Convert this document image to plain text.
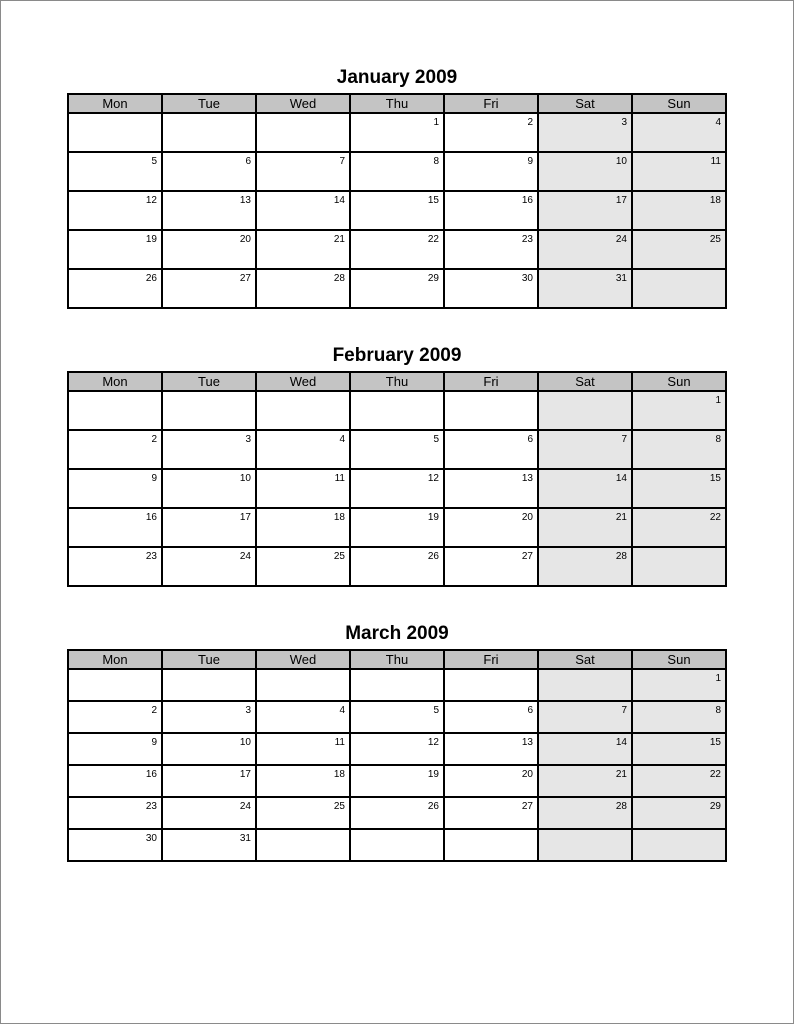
January 2009
Mon	Tue	Wed	Thu	Fri	Sat	Sun

			1	2	3	4

5	6	7	8	9	10	11

12	13	14	15	16	17	18

19	20	21	22	23	24	25

26	27	28	29	30	31	

February 2009
Mon	Tue	Wed	Thu	Fri	Sat	Sun

						1

2	3	4	5	6	7	8

9	10	11	12	13	14	15

16	17	18	19	20	21	22

23	24	25	26	27	28	

March 2009
Mon	Tue	Wed	Thu	Fri	Sat	Sun

						1

2	3	4	5	6	7	8

9	10	11	12	13	14	15

16	17	18	19	20	21	22

23	24	25	26	27	28	29

30	31					
